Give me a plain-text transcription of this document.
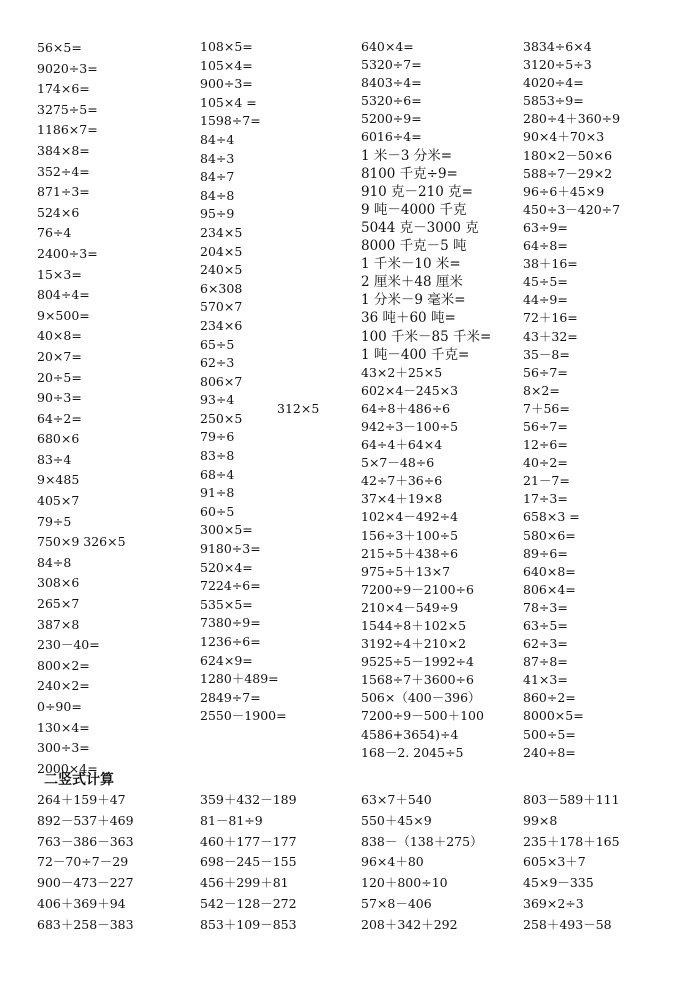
56×5=
9020÷3=
174×6=
3275÷5=
1186×7=
384×8=
352÷4=
871÷3=
524×6
76÷4
2400÷3=
15×3=
804÷4=
9×500=
40×8=
20×7=
20÷5=
90÷3=
64÷2=
680×6
83÷4
9×485
405×7
79÷5
750×9 326×5
84÷8
308×6
265×7
387×8
230－40=
800×2=
240×2=
0÷90=
130×4=
300÷3=
2000×4=
108×5=
105×4=
900÷3=
105×4 =
1598÷7=
84÷4
84÷3
84÷7
84÷8
95÷9
234×5
204×5
240×5
6×308
570×7
234×6
65÷5
62÷3
806×7
93÷4
250×5
79÷6
83÷8
68÷4
91÷8
60÷5
300×5=
9180÷3=
520×4=
7224÷6=
535×5=
7380÷9=
1236÷6=
624×9=
1280＋489=
2849÷7=
2550－1900=
640×4=
5320÷7=
8403÷4=
5320÷6=
5200÷9=
6016÷4=
1 米－3 分米=
8100 千克÷9=
910 克－210 克=
9 吨－4000 千克
5044 克－3000 克
8000 千克－5 吨
1 千米－10 米=
2 厘米＋48 厘米
1 分米－9 毫米=
36 吨＋60 吨=
100 千米－85 千米=
1 吨－400 千克=
43×2＋25×5
602×4－245×3
64÷8＋486÷6
942÷3－100÷5
64÷4＋64×4
5×7－48÷6
42÷7＋36÷6
37×4＋19×8
102×4－492÷4
156÷3＋100÷5
215÷5＋438÷6
975÷5＋13×7
7200÷9－2100÷6
210×4－549÷9
1544÷8＋102×5
3192÷4＋210×2
9525÷5－1992÷4
1568÷7＋3600÷6
506×（400－396）
7200÷9－500＋100
4586+3654)÷4
168－2. 2045÷5
3834÷6×4
3120÷5÷3
4020÷4=
5853÷9=
280÷4＋360÷9
90×4＋70×3
180×2－50×6
588÷7－29×2
96÷6＋45×9
450÷3－420÷7
63÷9=
64÷8=
38＋16=
45÷5=
44÷9=
72＋16=
43＋32=
35－8=
56÷7=
8×2=
7＋56=
56÷7=
12÷6=
40÷2=
21－7=
17÷3=
658×3 =
580×6=
89÷6=
640×8=
806×4=
78÷3=
63÷5=
62÷3=
87÷8=
41×3=
860÷2=
8000×5=
500÷5=
240÷8=
312×5
二竖式计算
264＋159＋47
892－537＋469
763－386－363
72－70÷7－29
900－473－227
406＋369＋94
683＋258－383
359＋432－189
81－81÷9
460＋177－177
698－245－155
456＋299＋81
542－128－272
853＋109－853
63×7＋540
550＋45×9
838－（138＋275）
96×4＋80
120＋800÷10
57×8－406
208＋342＋292
803－589＋111
99×8
235＋178＋165
605×3＋7
45×9－335
369×2÷3
258＋493－58
